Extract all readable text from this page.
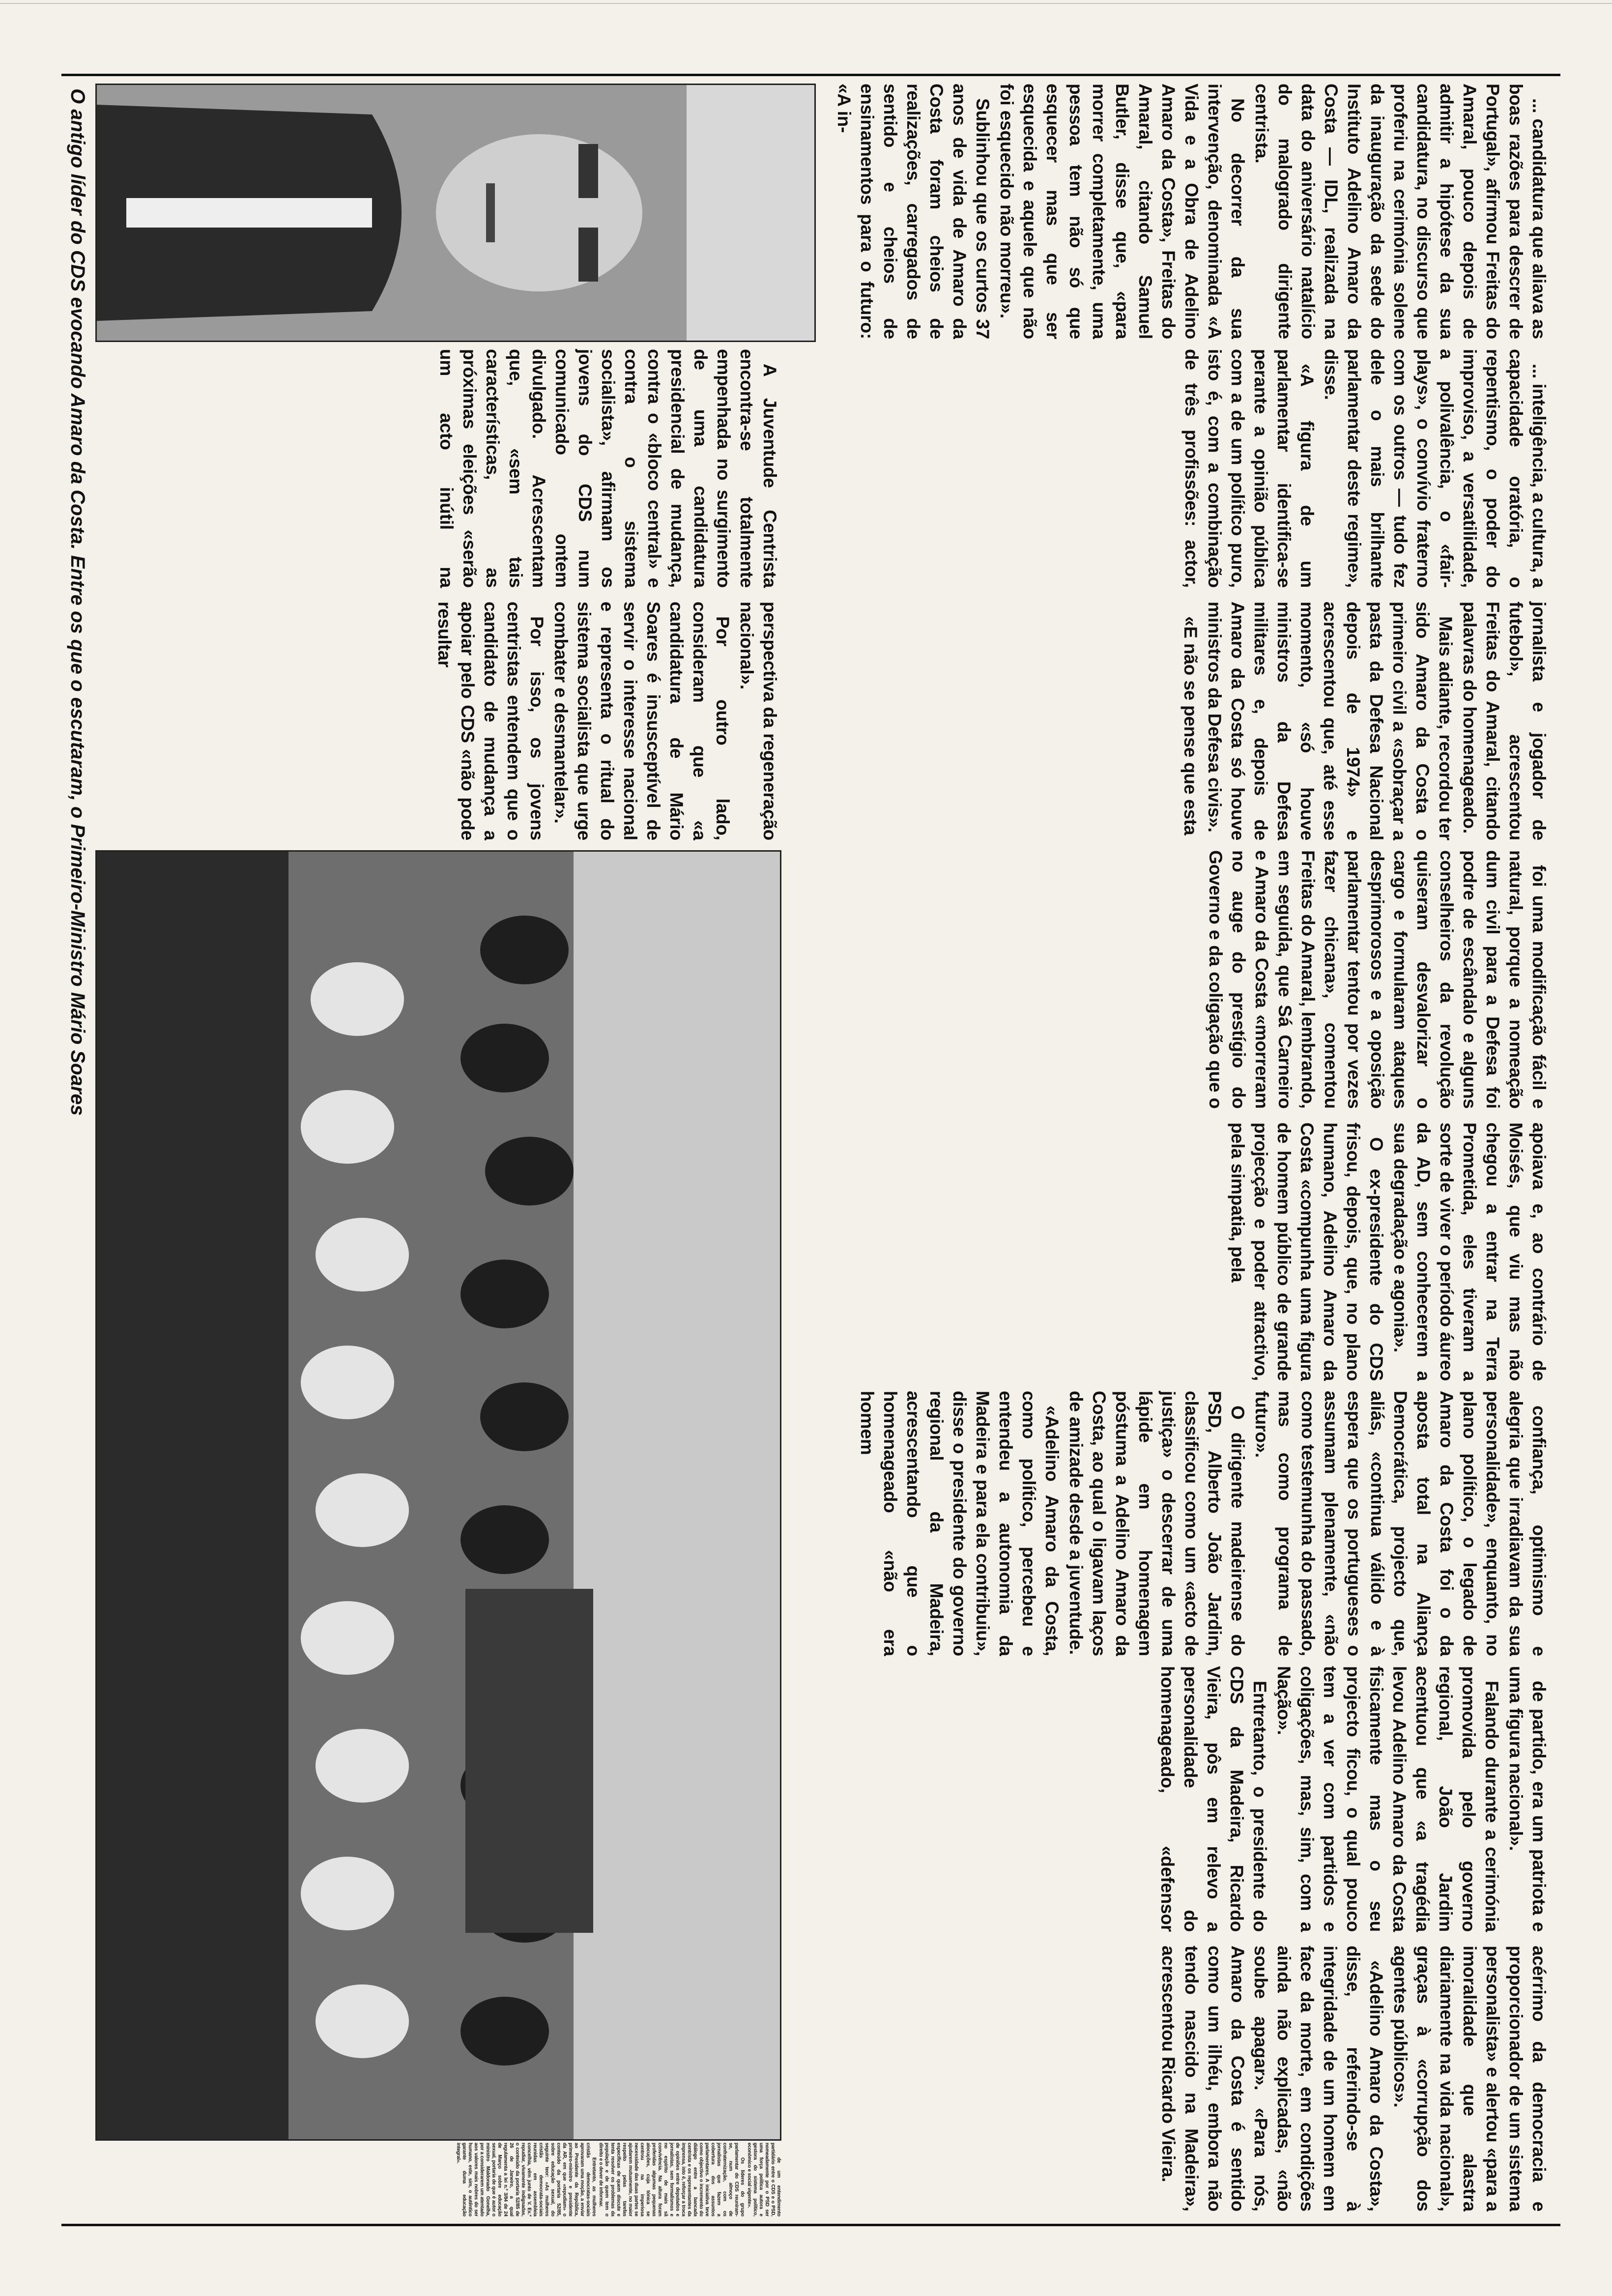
... candidatura que aliava as boas razões para descrer de Portugal», afirmou Freitas do Amaral, pouco depois de admitir a hipótese da sua candidatura, no discurso que proferiu na cerimónia solene da inauguração da sede do Instituto Adelino Amaro da Costa — IDL, realizada na data do aniversário natalício do malogrado dirigente centrista.

No decorrer da sua intervenção, denominada «A Vida e a Obra de Adelino Amaro da Costa», Freitas do Amaral, citando Samuel Butler, disse que, «para morrer completamente, uma pessoa tem não só que esquecer mas que ser esquecida e aquele que não foi esquecido não morreu».

Sublinhou que os curtos 37 anos de vida de Amaro da Costa foram cheios de realizações, carregados de sentido e cheios de ensinamentos para o futuro: «A in-

... inteligência, a cultura, a capacidade oratória, o repentismo, o poder do improviso, a versatilidade, a polivalência, o «fair-plays», o convívio fraterno com os outros — tudo fez dele o mais brilhante parlamentar deste regime», disse.

«A figura de um parlamentar identifica-se perante a opinião pública com a de um político puro, isto é, com a combinação de três profissões: actor, jornalista e jogador de futebol», acrescentou Freitas do Amaral, citando palavras do homenageado.

Mais adiante, recordou ter sido Amaro da Costa o primeiro civil a «sobraçar a pasta da Defesa Nacional depois de 1974» e acrescentou que, até esse momento, «só houve ministros da Defesa militares e, depois de Amaro da Costa só houve ministros da Defesa civis».

«E não se pense que esta

foi uma modificação fácil e natural, porque a nomeação dum civil para a Defesa foi podre de escândalo e alguns conselheiros da revolução quiseram desvalorizar o cargo e formularam ataques desprimorosos e a oposição parlamentar tentou por vezes fazer chicana», comentou Freitas do Amaral, lembrando, em seguida, que Sá Carneiro e Amaro da Costa «morreram no auge do prestígio do Governo e da coligação que o apoiava e, ao contrário de Moisés, que viu mas não chegou a entrar na Terra Prometida, eles tiveram a sorte de viver o período áureo da AD, sem conhecerem a sua degradação e agonia».

O ex-presidente do CDS frisou, depois, que, no plano humano, Adelino Amaro da Costa «compunha uma figura de homem público de grande projecção e poder atractivo, pela simpatia, pela

confiança, optimismo e alegria que irradiavam da sua personalidade», enquanto, no plano político, o legado de Amaro da Costa foi o da aposta total na Aliança Democrática, projecto que, aliás, «continua válido e à espera que os portugueses o assumam plenamente, «não como testemunha do passado, mas como programa de futuro».

O dirigente madeirense do PSD, Alberto João Jardim, classificou como um «acto de justiça» o descerrar de uma lápide em homenagem póstuma a Adelino Amaro da Costa, ao qual o ligavam laços de amizade desde a juventude.

«Adelino Amaro da Costa, como político, percebeu e entendeu a autonomia da Madeira e para ela contribuiu», disse o presidente do governo regional da Madeira, acrescentando que o homenageado «não era homem

de partido, era um patriota e uma figura nacional».

Falando durante a cerimónia promovida pelo governo regional, João Jardim acentuou que «a tragédia levou Adelino Amaro da Costa fisicamente mas o seu projecto ficou, o qual pouco tem a ver com partidos e coligações, mas, sim, com a Nação».

Entretanto, o presidente do CDS da Madeira, Ricardo Vieira, pôs em relevo a personalidade do homenageado, «defensor acérrimo da democracia e proporcionador de um sistema personalista» e alertou «para a imoralidade que alastra diariamente na vida nacional», graças à «corrupção dos agentes públicos».

«Adelino Amaro da Costa», disse, referindo-se à integridade de um homem em face da morte, em condições ainda não explicadas, «não soube apagar». «Para nós, Amaro da Costa é sentido como um ilhéu, embora não tendo nascido na Madeira», acrescentou Ricardo Vieira.

A Juventude Centrista encontra-se totalmente empenhada no surgimento de uma candidatura presidencial de mudança, contra o «bloco central» e contra o sistema socialista», afirmam os jovens do CDS num comunicado ontem divulgado. Acrescentam que, «sem tais características, as próximas eleições «serão um acto inútil na perspectiva da regeneração nacional».

Por outro lado, consideram que «a candidatura de Mário Soares é insusceptível de servir o interesse nacional e representa o ritual do sistema socialista que urge combater e desmantelar».

Por isso, os jovens centristas entendem que o candidato de mudança a apoiar pelo CDS «não pode resultar

de um entendimento partidário entre o CDS e o PSD, nomeadamente por o PSD ser uma força política autora e gestora do sistema político, económico e social vigente».

Os líderes do grupo parlamentar do CDS reuniram-se, num almoço de confraternização, com os jornalistas que fazem a cobertura dos assuntos parlamentares. A iniciativa teve como objectivo o incremento do diálogo entre a bancada centrista e os representantes da imprensa, isto é, reforçar a troca de opiniões entre deputados e jornalistas, sem formalismos e no espírito de mais sã convivência. Na altura foram proferidas algumas pequenas alocuções, cuja tónica se centrou na imperiosa necessidade das duas partes se ajudarem mutuamente, no maior respeito pelas tarefas específicas de quem discute e tenta resolver os problemas da população e de quem tem o direito e o dever de informar.

Entretanto, as mulheres cristãs democratas-sociais aprovaram uma moção, a enviar ao Presidente da República, primeiro-ministro e presidente da AR, em que «repudiam» o conteúdo da portaria 52/85, sobre educação sexual, do seguinte teor: «As mulheres cristãs democrata-sociais reunidas em assembleia concelhia, vêm junto de V. Ex.ª repudiar, vivamente indignadas, o conteúdo da portaria 52/85 de 26 de Janeiro, a qual regulamenta a lei n.º 3/84 de 24 de Março sobre educação sexual, portaria de que é autor o ministro Maldonado Gonelha, por a considerarem um atentado aos valores mais nobres do ser humano, este, sim, o autêntico garante duma educação integral».

O antigo líder do CDS evocando Amaro da Costa. Entre os que o escutaram, o Primeiro-Ministro Mário Soares
